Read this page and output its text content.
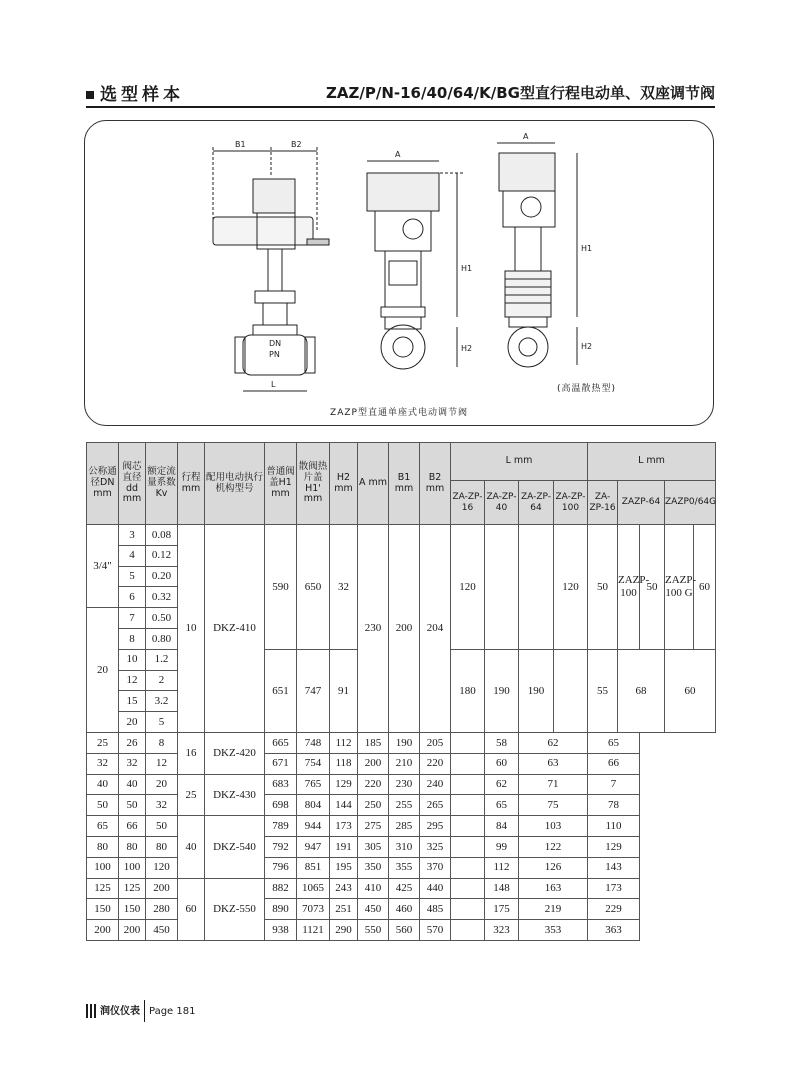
选型样本	ZAZ/P/N-16/40/64/K/BG型直行程电动单、双座调节阀
B1	B2
DN
PN
L
A
H1
H2
A
H1
H2
(高温散热型)
ZAZP型直通单座式电动调节阀
公称通径DN mm	阀芯直径dd mm	额定流量系数Kv	行程mm	配用电动执行机构型号	普通阀盖H1 mm	散阀热片盖H1' mm	H2 mm	A mm	B1 mm	B2 mm	L mm				L mm				
											ZA-ZP-16	ZA-ZP-40	ZA-ZP-64	ZA-ZP-100	ZA-ZP-16	ZAZP-64		ZAZP0/64G	
3/4"	3	0.08	10	DKZ-410	590	650	32	230	200	204	120			120	50	ZAZP-100	50	ZAZP-100 G	60
	4	0.12																	
	5	0.20																	
	6	0.32																	
20	7	0.50																	
	8	0.80																	
	10	1.2			651	747	91				180	190	190		55	68		60	
	12	2																	
	15	3.2																	
	20	5																	
25	26	8	16	DKZ-420	665	748	112	185	190	205		58	62		65				
32	32	12			671	754	118	200	210	220		60	63		66				
40	40	20	25	DKZ-430	683	765	129	220	230	240		62	71		7				
50	50	32			698	804	144	250	255	265		65	75		78				
65	66	50	40	DKZ-540	789	944	173	275	285	295		84	103		110				
80	80	80			792	947	191	305	310	325		99	122		129				
100	100	120			796	851	195	350	355	370		112	126		143				
125	125	200	60	DKZ-550	882	1065	243	410	425	440		148	163		173				
150	150	280			890	7073	251	450	460	485		175	219		229				
200	200	450			938	1121	290	550	560	570		323	353		363				
润仪仪表 Page 181
